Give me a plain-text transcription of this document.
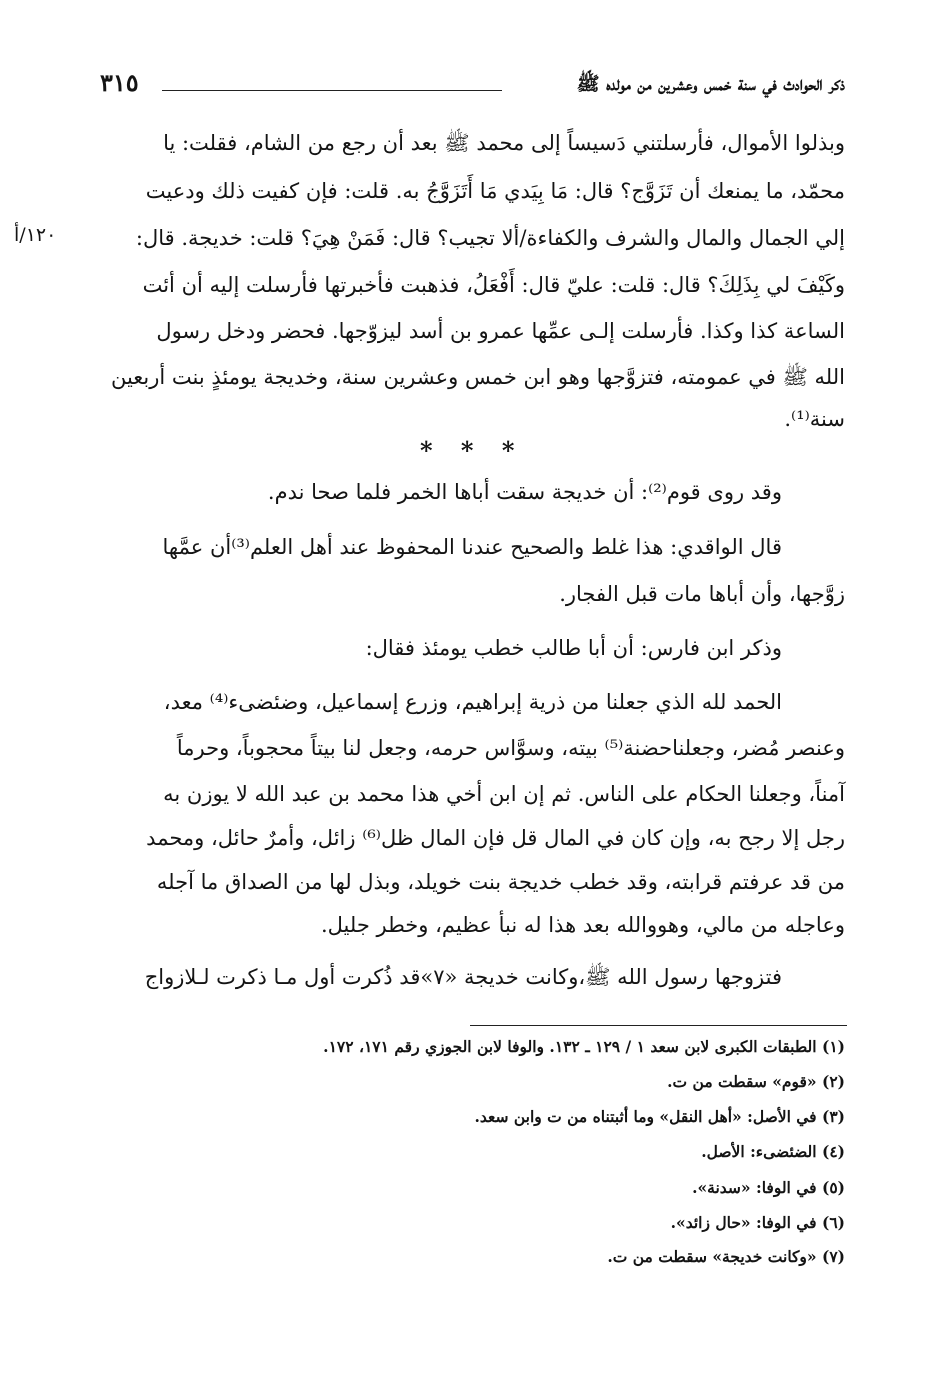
ذكر الحوادث في سنة خمس وعشرين من مولده ﷺ
٣١٥
١٢٠/أ
وبذلوا الأموال، فأرسلتني دَسيساً إلى محمد ﷺ بعد أن رجع من الشام، فقلت: يا
محمّد، ما يمنعك أن تَزَوَّج؟ قال: مَا بِيَدي مَا أَتَزَوَّجُ به. قلت: فإن كفيت ذلك ودعيت
إلي الجمال والمال والشرف والكفاءة/ألا تجيب؟ قال: فَمَنْ هِيَ؟ قلت: خديجة. قال:
وكَيْفَ لي بِذَلِكَ؟ قال: قلت: عليّ قال: أَفْعَلُ، فذهبت فأخبرتها فأرسلت إليه أن أئت
الساعة كذا وكذا. فأرسلت إلـى عمِّها عمرو بن أسد ليزوّجها. فحضر ودخل رسول
الله ﷺ في عمومته، فتزوَّجها وهو ابن خمس وعشرين سنة، وخديجة يومئذٍ بنت أربعين
سنة⁽¹⁾.
* * *
وقد روى قوم⁽²⁾: أن خديجة سقت أباها الخمر فلما صحا ندم.
قال الواقدي: هذا غلط والصحيح عندنا المحفوظ عند أهل العلم⁽³⁾أن عمَّها
زوَّجها، وأن أباها مات قبل الفجار.
وذكر ابن فارس: أن أبا طالب خطب يومئذ فقال:
الحمد لله الذي جعلنا من ذرية إبراهيم، وزرع إسماعيل، وضئضىء⁽⁴⁾ معد،
وعنصر مُضر، وجعلناحضنة⁽⁵⁾ بيته، وسوَّاس حرمه، وجعل لنا بيتاً محجوباً، وحرماً
آمناً، وجعلنا الحكام على الناس. ثم إن ابن أخي هذا محمد بن عبد الله لا يوزن به
رجل إلا رجح به، وإن كان في المال قل فإن المال ظل⁽⁶⁾ زائل، وأمرٌ حائل، ومحمد
من قد عرفتم قرابته، وقد خطب خديجة بنت خويلد، وبذل لها من الصداق ما آجله
وعاجله من مالي، وهووالله بعد هذا له نبأ عظيم، وخطر جليل.
فتزوجها رسول الله ﷺ،وكانت خديجة «٧»قد ذُكرت أول مـا ذكرت لـلازواج
(١) الطبقات الكبرى لابن سعد ١ / ١٢٩ ـ ١٣٢. والوفا لابن الجوزي رقم ١٧١، ١٧٢.
(٢) «قوم» سقطت من ت.
(٣) في الأصل: «أهل النقل» وما أثبتناه من ت وابن سعد.
(٤) الضئضىء: الأصل.
(٥) في الوفا: «سدنة».
(٦) في الوفا: «حال زائد».
(٧) «وكانت خديجة» سقطت من ت.
